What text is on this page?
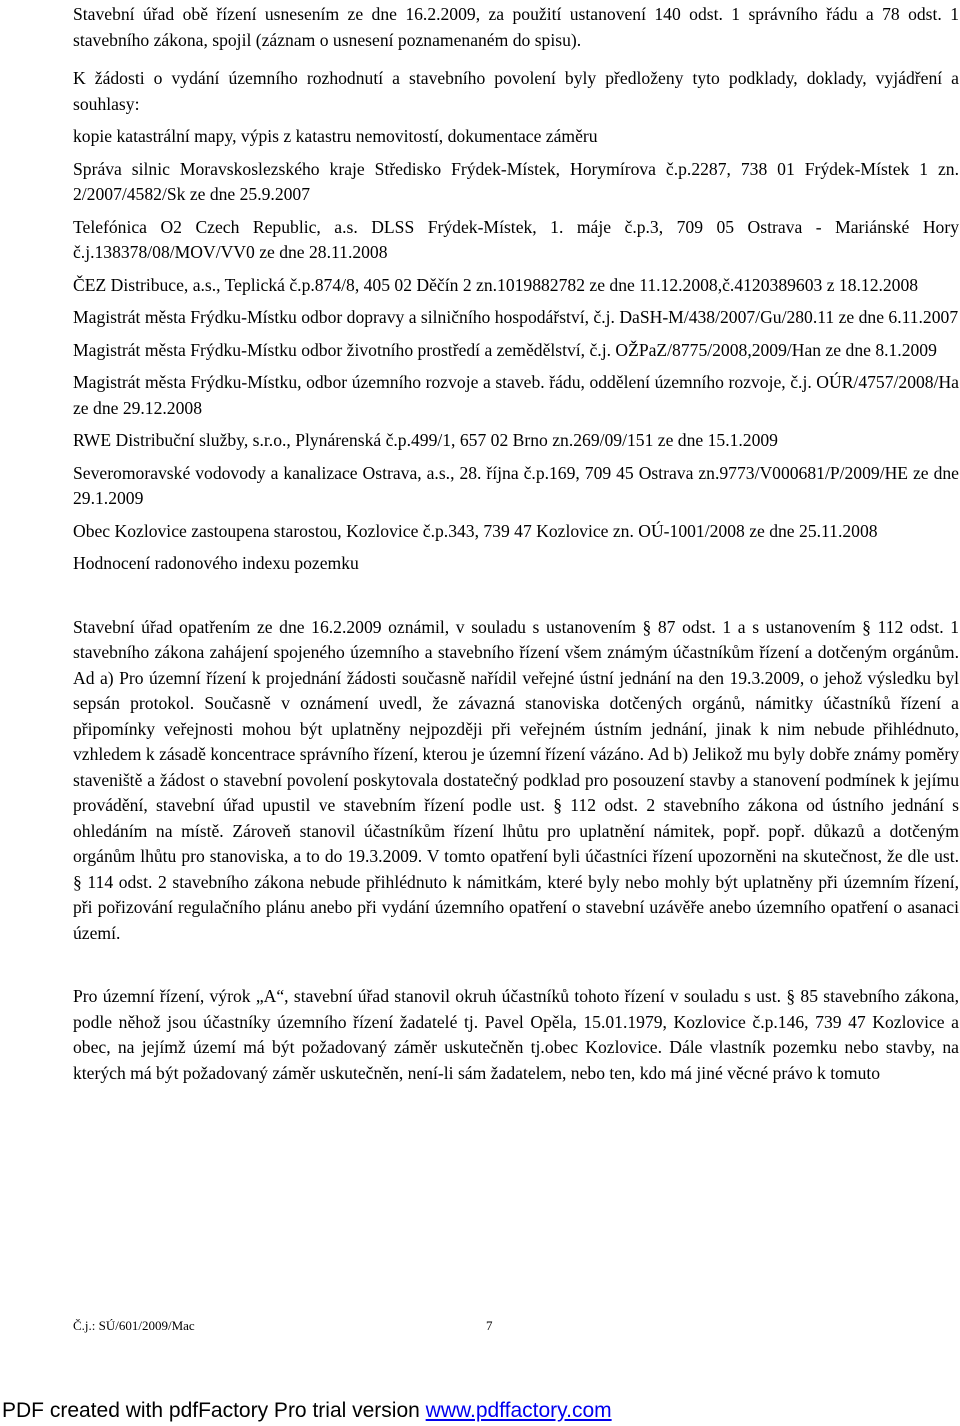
Stavební úřad obě řízení usnesením ze dne 16.2.2009, za použití ustanovení 140 odst. 1 správního řádu a 78 odst. 1 stavebního zákona, spojil (záznam o usnesení poznamenaném do spisu).

K žádosti o vydání územního rozhodnutí a stavebního povolení byly předloženy tyto podklady, doklady, vyjádření a souhlasy:

kopie katastrální mapy, výpis z katastru nemovitostí, dokumentace záměru

Správa silnic Moravskoslezského kraje Středisko Frýdek-Místek, Horymírova č.p.2287, 738 01 Frýdek-Místek 1 zn. 2/2007/4582/Sk ze dne 25.9.2007

Telefónica O2 Czech Republic, a.s. DLSS Frýdek-Místek, 1. máje č.p.3, 709 05 Ostrava - Mariánské Hory č.j.138378/08/MOV/VV0 ze dne 28.11.2008

ČEZ Distribuce, a.s., Teplická č.p.874/8, 405 02 Děčín 2 zn.1019882782 ze dne 11.12.2008,č.4120389603 z 18.12.2008

Magistrát města Frýdku-Místku odbor dopravy a silničního hospodářství, č.j. DaSH-M/438/2007/Gu/280.11 ze dne 6.11.2007

Magistrát města Frýdku-Místku odbor životního prostředí a zemědělství, č.j. OŽPaZ/8775/2008,2009/Han ze dne 8.1.2009

Magistrát města Frýdku-Místku, odbor územního rozvoje a staveb. řádu, oddělení územního rozvoje, č.j. OÚR/4757/2008/Ha ze dne 29.12.2008

RWE Distribuční služby, s.r.o., Plynárenská č.p.499/1, 657 02 Brno zn.269/09/151 ze dne 15.1.2009

Severomoravské vodovody a kanalizace Ostrava, a.s., 28. října č.p.169, 709 45 Ostrava zn.9773/V000681/P/2009/HE ze dne 29.1.2009

Obec Kozlovice zastoupena starostou, Kozlovice č.p.343, 739 47 Kozlovice zn. OÚ-1001/2008 ze dne 25.11.2008

Hodnocení radonového indexu pozemku

Stavební úřad opatřením ze dne 16.2.2009 oznámil, v souladu s ustanovením § 87 odst. 1 a s ustanovením § 112 odst. 1 stavebního zákona zahájení spojeného územního a stavebního řízení všem známým účastníkům řízení a dotčeným orgánům. Ad a) Pro územní řízení k projednání žádosti současně nařídil veřejné ústní jednání na den 19.3.2009, o jehož výsledku byl sepsán protokol. Současně v oznámení uvedl, že závazná stanoviska dotčených orgánů, námitky účastníků řízení a připomínky veřejnosti mohou být uplatněny nejpozději při veřejném ústním jednání, jinak k nim nebude přihlédnuto, vzhledem k zásadě koncentrace správního řízení, kterou je územní řízení vázáno. Ad b) Jelikož mu byly dobře známy poměry staveniště a žádost o stavební povolení poskytovala dostatečný podklad pro posouzení stavby a stanovení podmínek k jejímu provádění, stavební úřad upustil ve stavebním řízení podle ust. § 112 odst. 2 stavebního zákona od ústního jednání s ohledáním na místě. Zároveň stanovil účastníkům řízení lhůtu pro uplatnění námitek, popř. popř. důkazů a dotčeným orgánům lhůtu pro stanoviska, a to do 19.3.2009. V tomto opatření byli účastníci řízení upozorněni na skutečnost, že dle ust. § 114 odst. 2 stavebního zákona nebude přihlédnuto k námitkám, které byly nebo mohly být uplatněny při územním řízení, při pořizování regulačního plánu anebo při vydání územního opatření o stavební uzávěře anebo územního opatření o asanaci území.

Pro územní řízení, výrok „A“, stavební úřad stanovil okruh účastníků tohoto řízení v souladu s ust. § 85 stavebního zákona, podle něhož jsou účastníky územního řízení žadatelé tj. Pavel Opěla, 15.01.1979, Kozlovice č.p.146, 739 47 Kozlovice a obec, na jejímž území má být požadovaný záměr uskutečněn tj.obec Kozlovice. Dále vlastník pozemku nebo stavby, na kterých má být požadovaný záměr uskutečněn, není-li sám žadatelem, nebo ten, kdo má jiné věcné právo k tomuto

Č.j.: SÚ/601/2009/Mac	7
PDF created with pdfFactory Pro trial version www.pdffactory.com
